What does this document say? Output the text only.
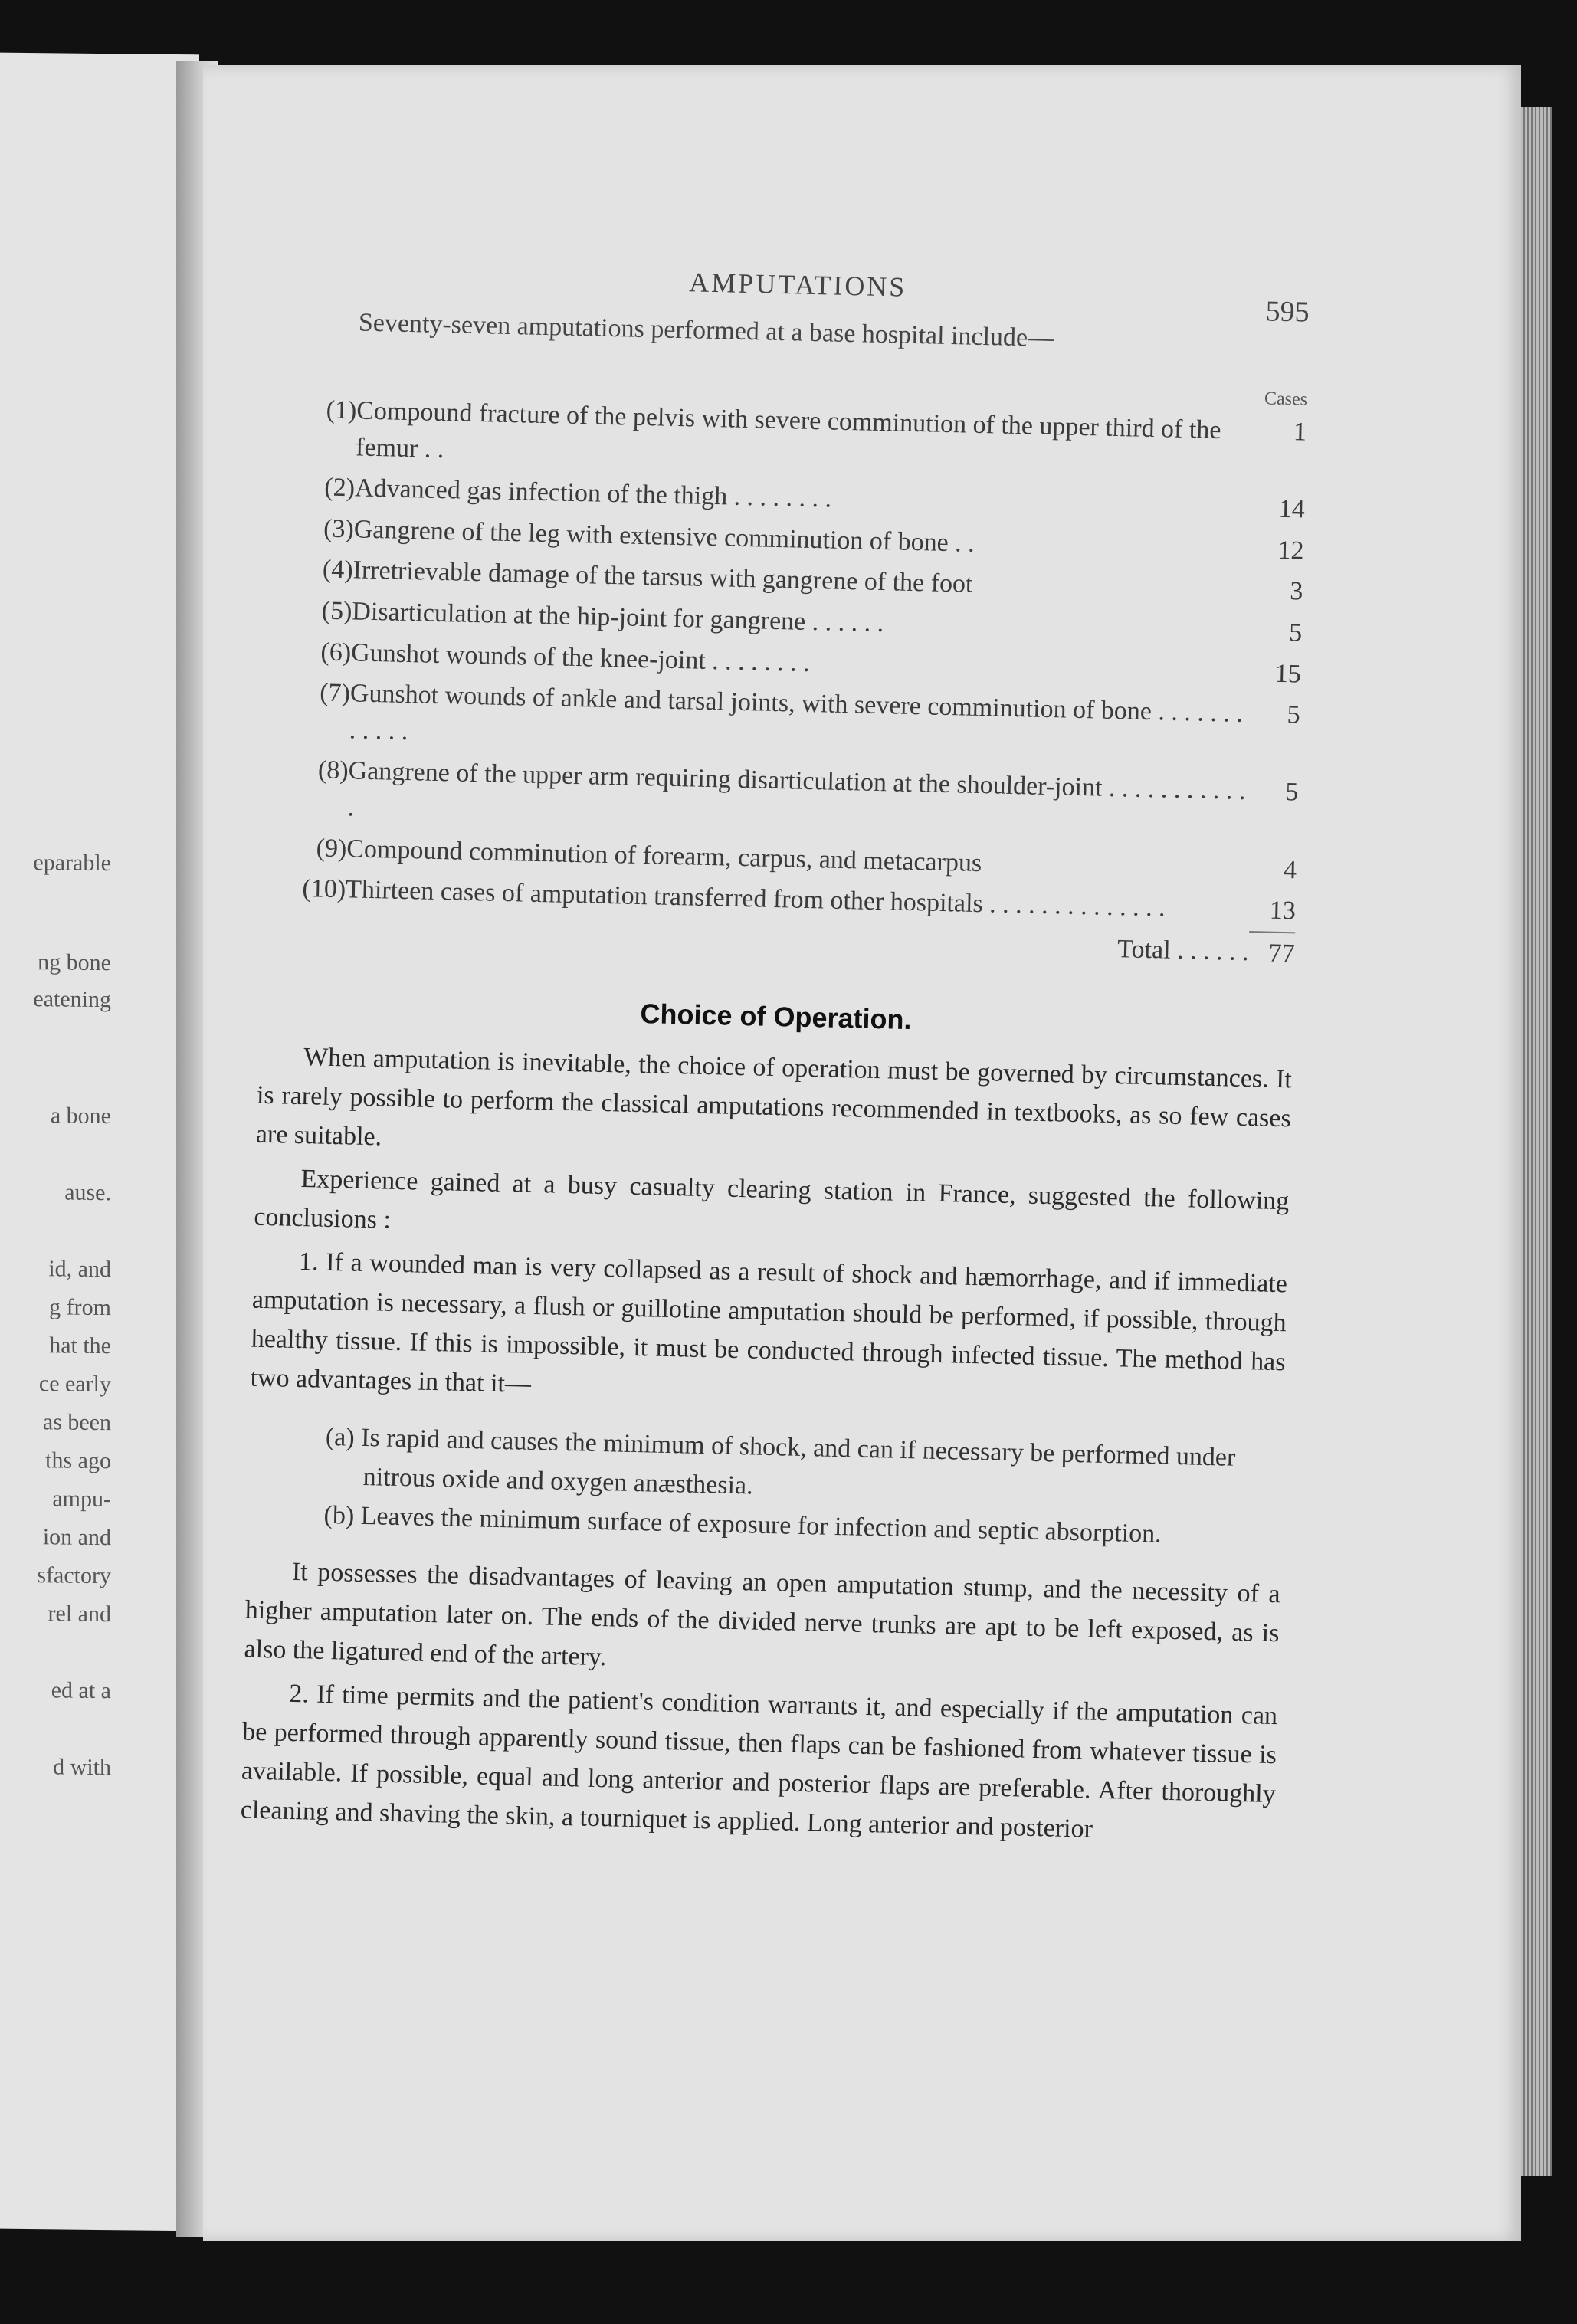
eparable
ng bone
eatening
a bone
ause.
id, and
g from
hat the
ce early
as been
ths ago
ampu-
ion and
sfactory
rel and
ed at a
d with
AMPUTATIONS
595
Seventy-seven amputations performed at a base hospital include—
Cases
(1)	Compound fracture of the pelvis with severe comminution of the upper third of the femur . .	1
(2)	Advanced gas infection of the thigh . . . . . . . .	14
(3)	Gangrene of the leg with extensive comminution of bone . .	12
(4)	Irretrievable damage of the tarsus with gangrene of the foot	3
(5)	Disarticulation at the hip-joint for gangrene . . . . . .	5
(6)	Gunshot wounds of the knee-joint . . . . . . . .	15
(7)	Gunshot wounds of ankle and tarsal joints, with severe comminution of bone . . . . . . . . . . . .	5
(8)	Gangrene of the upper arm requiring disarticulation at the shoulder-joint . . . . . . . . . . . .	5
(9)	Compound comminution of forearm, carpus, and metacarpus	4
(10)	Thirteen cases of amputation transferred from other hospitals . . . . . . . . . . . . . .	13
	Total . . . . . .	77
Choice of Operation.

When amputation is inevitable, the choice of operation must be governed by circumstances. It is rarely possible to perform the classical amputations recommended in textbooks, as so few cases are suitable.

Experience gained at a busy casualty clearing station in France, suggested the following conclusions :

1. If a wounded man is very collapsed as a result of shock and hæmorrhage, and if immediate amputation is necessary, a flush or guillotine amputation should be performed, if possible, through healthy tissue. If this is impossible, it must be conducted through infected tissue. The method has two advantages in that it—

(a) Is rapid and causes the minimum of shock, and can if necessary be performed under nitrous oxide and oxygen anæsthesia.
(b) Leaves the minimum surface of exposure for infection and septic absorption.

It possesses the disadvantages of leaving an open amputation stump, and the necessity of a higher amputation later on. The ends of the divided nerve trunks are apt to be left exposed, as is also the ligatured end of the artery.

2. If time permits and the patient's condition warrants it, and especially if the amputation can be performed through apparently sound tissue, then flaps can be fashioned from whatever tissue is available. If possible, equal and long anterior and posterior flaps are preferable. After thoroughly cleaning and shaving the skin, a tourniquet is applied. Long anterior and posterior
